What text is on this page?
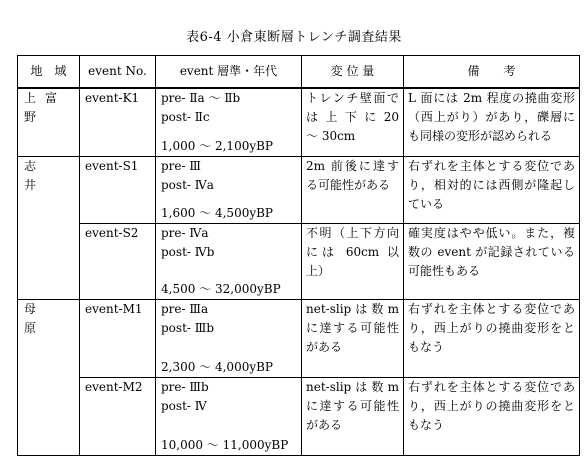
表6-4 小倉東断層トレンチ調査結果
地　域	event No.	event 層準・年代	変 位 量	備　　考
上富野	event-K1	pre- Ⅱa ～ Ⅱb
post- Ⅱc
1,000 ～ 2,100yBP	トレンチ壁面では 上 下 に 20 ～ 30cm	L 面には 2m 程度の撓曲変形（西上がり）があり，礫層にも同様の変形が認められる
志　井	event-S1	pre- Ⅲ
post- Ⅳa
1,600 ～ 4,500yBP	2m 前後に達する可能性がある	右ずれを主体とする変位であり，相対的には西側が隆起している
	event-S2	pre- Ⅳa
post- Ⅳb
4,500 ～ 32,000yBP	不明（上下方向には 60cm 以上）	確実度はやや低い。また，複数の event が記録されている可能性もある
母　原	event-M1	pre- Ⅲa
post- Ⅲb
2,300 ～ 4,000yBP	net-slip は 数 m に達する可能性がある	右ずれを主体とする変位であり，西上がりの撓曲変形をともなう
	event-M2	pre- Ⅲb
post- Ⅳ
10,000 ～ 11,000yBP	net-slip は 数 m に達する可能性がある	右ずれを主体とする変位であり，西上がりの撓曲変形をともなう
